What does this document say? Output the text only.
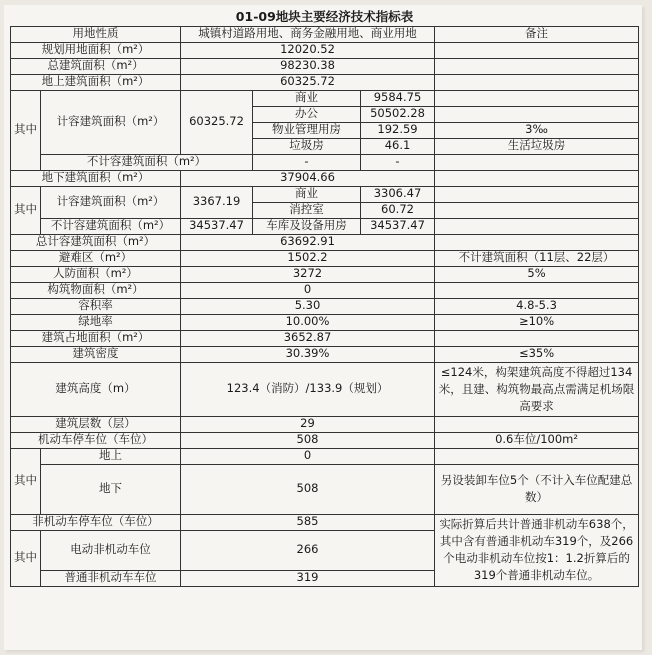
01-09地块主要经济技术指标表					
用地性质		城镇村道路用地、商务金融用地、商业用地			备注
规划用地面积（m²）		12020.52			
总建筑面积（m²）		98230.38			
地上建筑面积（m²）		60325.72			
其中	计容建筑面积（m²）	60325.72	商业	9584.75	
			办公	50502.28	
			物业管理用房	192.59	3‰
			垃圾房	46.1	生活垃圾房
	不计容建筑面积（m²）		-	-	
地下建筑面积（m²）		37904.66			
其中	计容建筑面积（m²）	3367.19	商业	3306.47	
			消控室	60.72	
	不计容建筑面积（m²）	34537.47	车库及设备用房	34537.47	
总计容建筑面积（m²）		63692.91			
避难区（m²）		1502.2			不计建筑面积（11层、22层）
人防面积（m²）		3272			5%
构筑物面积（m²）		0			
容积率		5.30			4.8-5.3
绿地率		10.00%			≥10%
建筑占地面积（m²）		3652.87			
建筑密度		30.39%			≤35%
建筑高度（m）		123.4（消防）/133.9（规划）			≤124米，构架建筑高度不得超过134米，且建、构筑物最高点需满足机场限高要求
建筑层数（层）		29			
机动车停车位（车位）		508			0.6车位/100m²
其中	地上	0			
	地下	508			另设装卸车位5个（不计入车位配建总数）
非机动车停车位（车位）		585			实际折算后共计普通非机动车638个，其中含有普通非机动车319个，及266个电动非机动车位按1：1.2折算后的319个普通非机动车位。
其中	电动非机动车位	266			
	普通非机动车车位	319			
